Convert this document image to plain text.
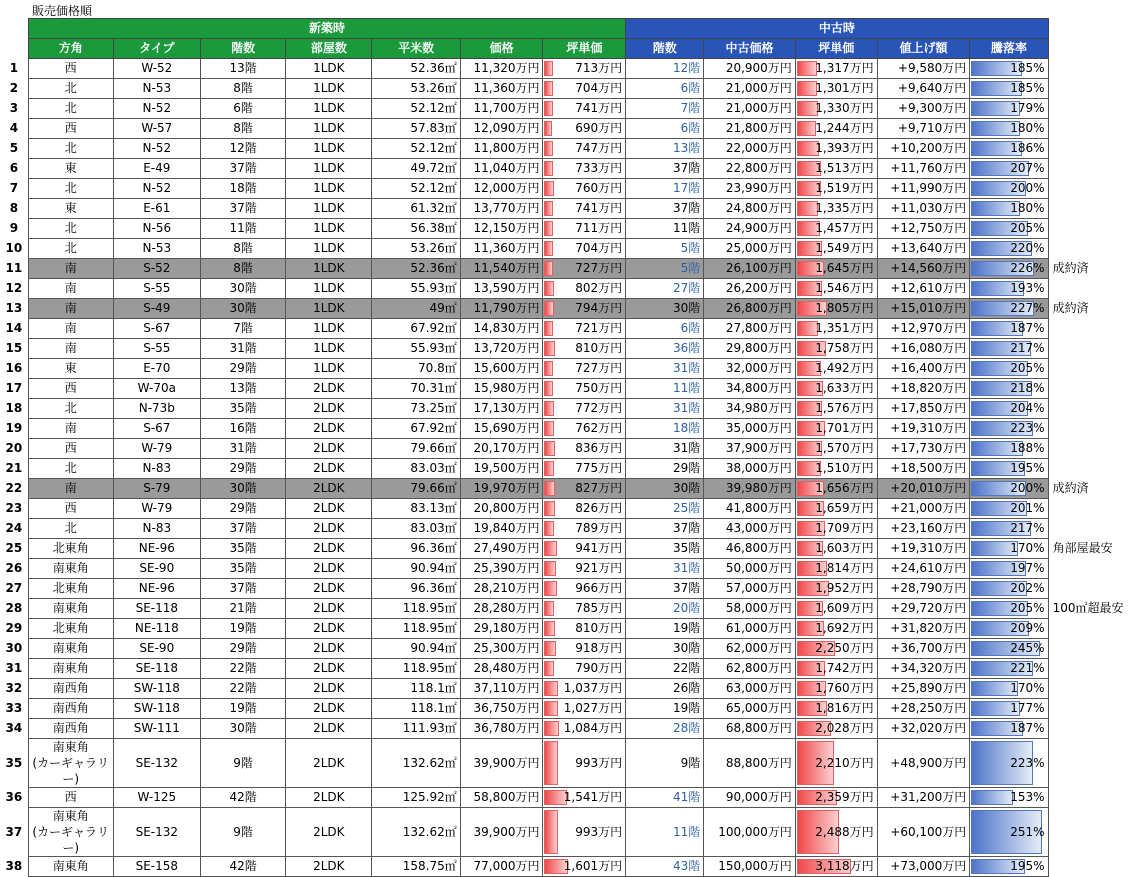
販売価格順
	新築時							中古時					
	方角	タイプ	階数	部屋数	平米数	価格	坪単価	階数	中古価格	坪単価	値上げ額	騰落率	
1	西	W-52	13階	1LDK	52.36㎡	11,320万円	713万円	12階	20,900万円	1,317万円	+9,580万円	185%	
2	北	N-53	8階	1LDK	53.26㎡	11,360万円	704万円	6階	21,000万円	1,301万円	+9,640万円	185%	
3	北	N-52	6階	1LDK	52.12㎡	11,700万円	741万円	7階	21,000万円	1,330万円	+9,300万円	179%	
4	西	W-57	8階	1LDK	57.83㎡	12,090万円	690万円	6階	21,800万円	1,244万円	+9,710万円	180%	
5	北	N-52	12階	1LDK	52.12㎡	11,800万円	747万円	13階	22,000万円	1,393万円	+10,200万円	186%	
6	東	E-49	37階	1LDK	49.72㎡	11,040万円	733万円	37階	22,800万円	1,513万円	+11,760万円	207%	
7	北	N-52	18階	1LDK	52.12㎡	12,000万円	760万円	17階	23,990万円	1,519万円	+11,990万円	200%	
8	東	E-61	37階	1LDK	61.32㎡	13,770万円	741万円	37階	24,800万円	1,335万円	+11,030万円	180%	
9	北	N-56	11階	1LDK	56.38㎡	12,150万円	711万円	11階	24,900万円	1,457万円	+12,750万円	205%	
10	北	N-53	8階	1LDK	53.26㎡	11,360万円	704万円	5階	25,000万円	1,549万円	+13,640万円	220%	
11	南	S-52	8階	1LDK	52.36㎡	11,540万円	727万円	5階	26,100万円	1,645万円	+14,560万円	226%	成約済
12	南	S-55	30階	1LDK	55.93㎡	13,590万円	802万円	27階	26,200万円	1,546万円	+12,610万円	193%	
13	南	S-49	30階	1LDK	49㎡	11,790万円	794万円	30階	26,800万円	1,805万円	+15,010万円	227%	成約済
14	南	S-67	7階	1LDK	67.92㎡	14,830万円	721万円	6階	27,800万円	1,351万円	+12,970万円	187%	
15	南	S-55	31階	1LDK	55.93㎡	13,720万円	810万円	36階	29,800万円	1,758万円	+16,080万円	217%	
16	東	E-70	29階	1LDK	70.8㎡	15,600万円	727万円	31階	32,000万円	1,492万円	+16,400万円	205%	
17	西	W-70a	13階	2LDK	70.31㎡	15,980万円	750万円	11階	34,800万円	1,633万円	+18,820万円	218%	
18	北	N-73b	35階	2LDK	73.25㎡	17,130万円	772万円	31階	34,980万円	1,576万円	+17,850万円	204%	
19	南	S-67	16階	2LDK	67.92㎡	15,690万円	762万円	18階	35,000万円	1,701万円	+19,310万円	223%	
20	西	W-79	31階	2LDK	79.66㎡	20,170万円	836万円	31階	37,900万円	1,570万円	+17,730万円	188%	
21	北	N-83	29階	2LDK	83.03㎡	19,500万円	775万円	29階	38,000万円	1,510万円	+18,500万円	195%	
22	南	S-79	30階	2LDK	79.66㎡	19,970万円	827万円	30階	39,980万円	1,656万円	+20,010万円	200%	成約済
23	西	W-79	29階	2LDK	83.13㎡	20,800万円	826万円	25階	41,800万円	1,659万円	+21,000万円	201%	
24	北	N-83	37階	2LDK	83.03㎡	19,840万円	789万円	37階	43,000万円	1,709万円	+23,160万円	217%	
25	北東角	NE-96	35階	2LDK	96.36㎡	27,490万円	941万円	35階	46,800万円	1,603万円	+19,310万円	170%	角部屋最安
26	南東角	SE-90	35階	2LDK	90.94㎡	25,390万円	921万円	31階	50,000万円	1,814万円	+24,610万円	197%	
27	北東角	NE-96	37階	2LDK	96.36㎡	28,210万円	966万円	37階	57,000万円	1,952万円	+28,790万円	202%	
28	南東角	SE-118	21階	2LDK	118.95㎡	28,280万円	785万円	20階	58,000万円	1,609万円	+29,720万円	205%	100㎡超最安
29	北東角	NE-118	19階	2LDK	118.95㎡	29,180万円	810万円	19階	61,000万円	1,692万円	+31,820万円	209%	
30	南東角	SE-90	29階	2LDK	90.94㎡	25,300万円	918万円	30階	62,000万円	2,250万円	+36,700万円	245%	
31	南東角	SE-118	22階	2LDK	118.95㎡	28,480万円	790万円	22階	62,800万円	1,742万円	+34,320万円	221%	
32	南西角	SW-118	22階	2LDK	118.1㎡	37,110万円	1,037万円	26階	63,000万円	1,760万円	+25,890万円	170%	
33	南西角	SW-118	19階	2LDK	118.1㎡	36,750万円	1,027万円	19階	65,000万円	1,816万円	+28,250万円	177%	
34	南西角	SW-111	30階	2LDK	111.93㎡	36,780万円	1,084万円	28階	68,800万円	2,028万円	+32,020万円	187%	
35	南東角
(カーギャラリー)	SE-132	9階	2LDK	132.62㎡	39,900万円	993万円	9階	88,800万円	2,210万円	+48,900万円	223%	
36	西	W-125	42階	2LDK	125.92㎡	58,800万円	1,541万円	41階	90,000万円	2,359万円	+31,200万円	153%	
37	南東角
(カーギャラリー)	SE-132	9階	2LDK	132.62㎡	39,900万円	993万円	11階	100,000万円	2,488万円	+60,100万円	251%	
38	南東角	SE-158	42階	2LDK	158.75㎡	77,000万円	1,601万円	43階	150,000万円	3,118万円	+73,000万円	195%	
